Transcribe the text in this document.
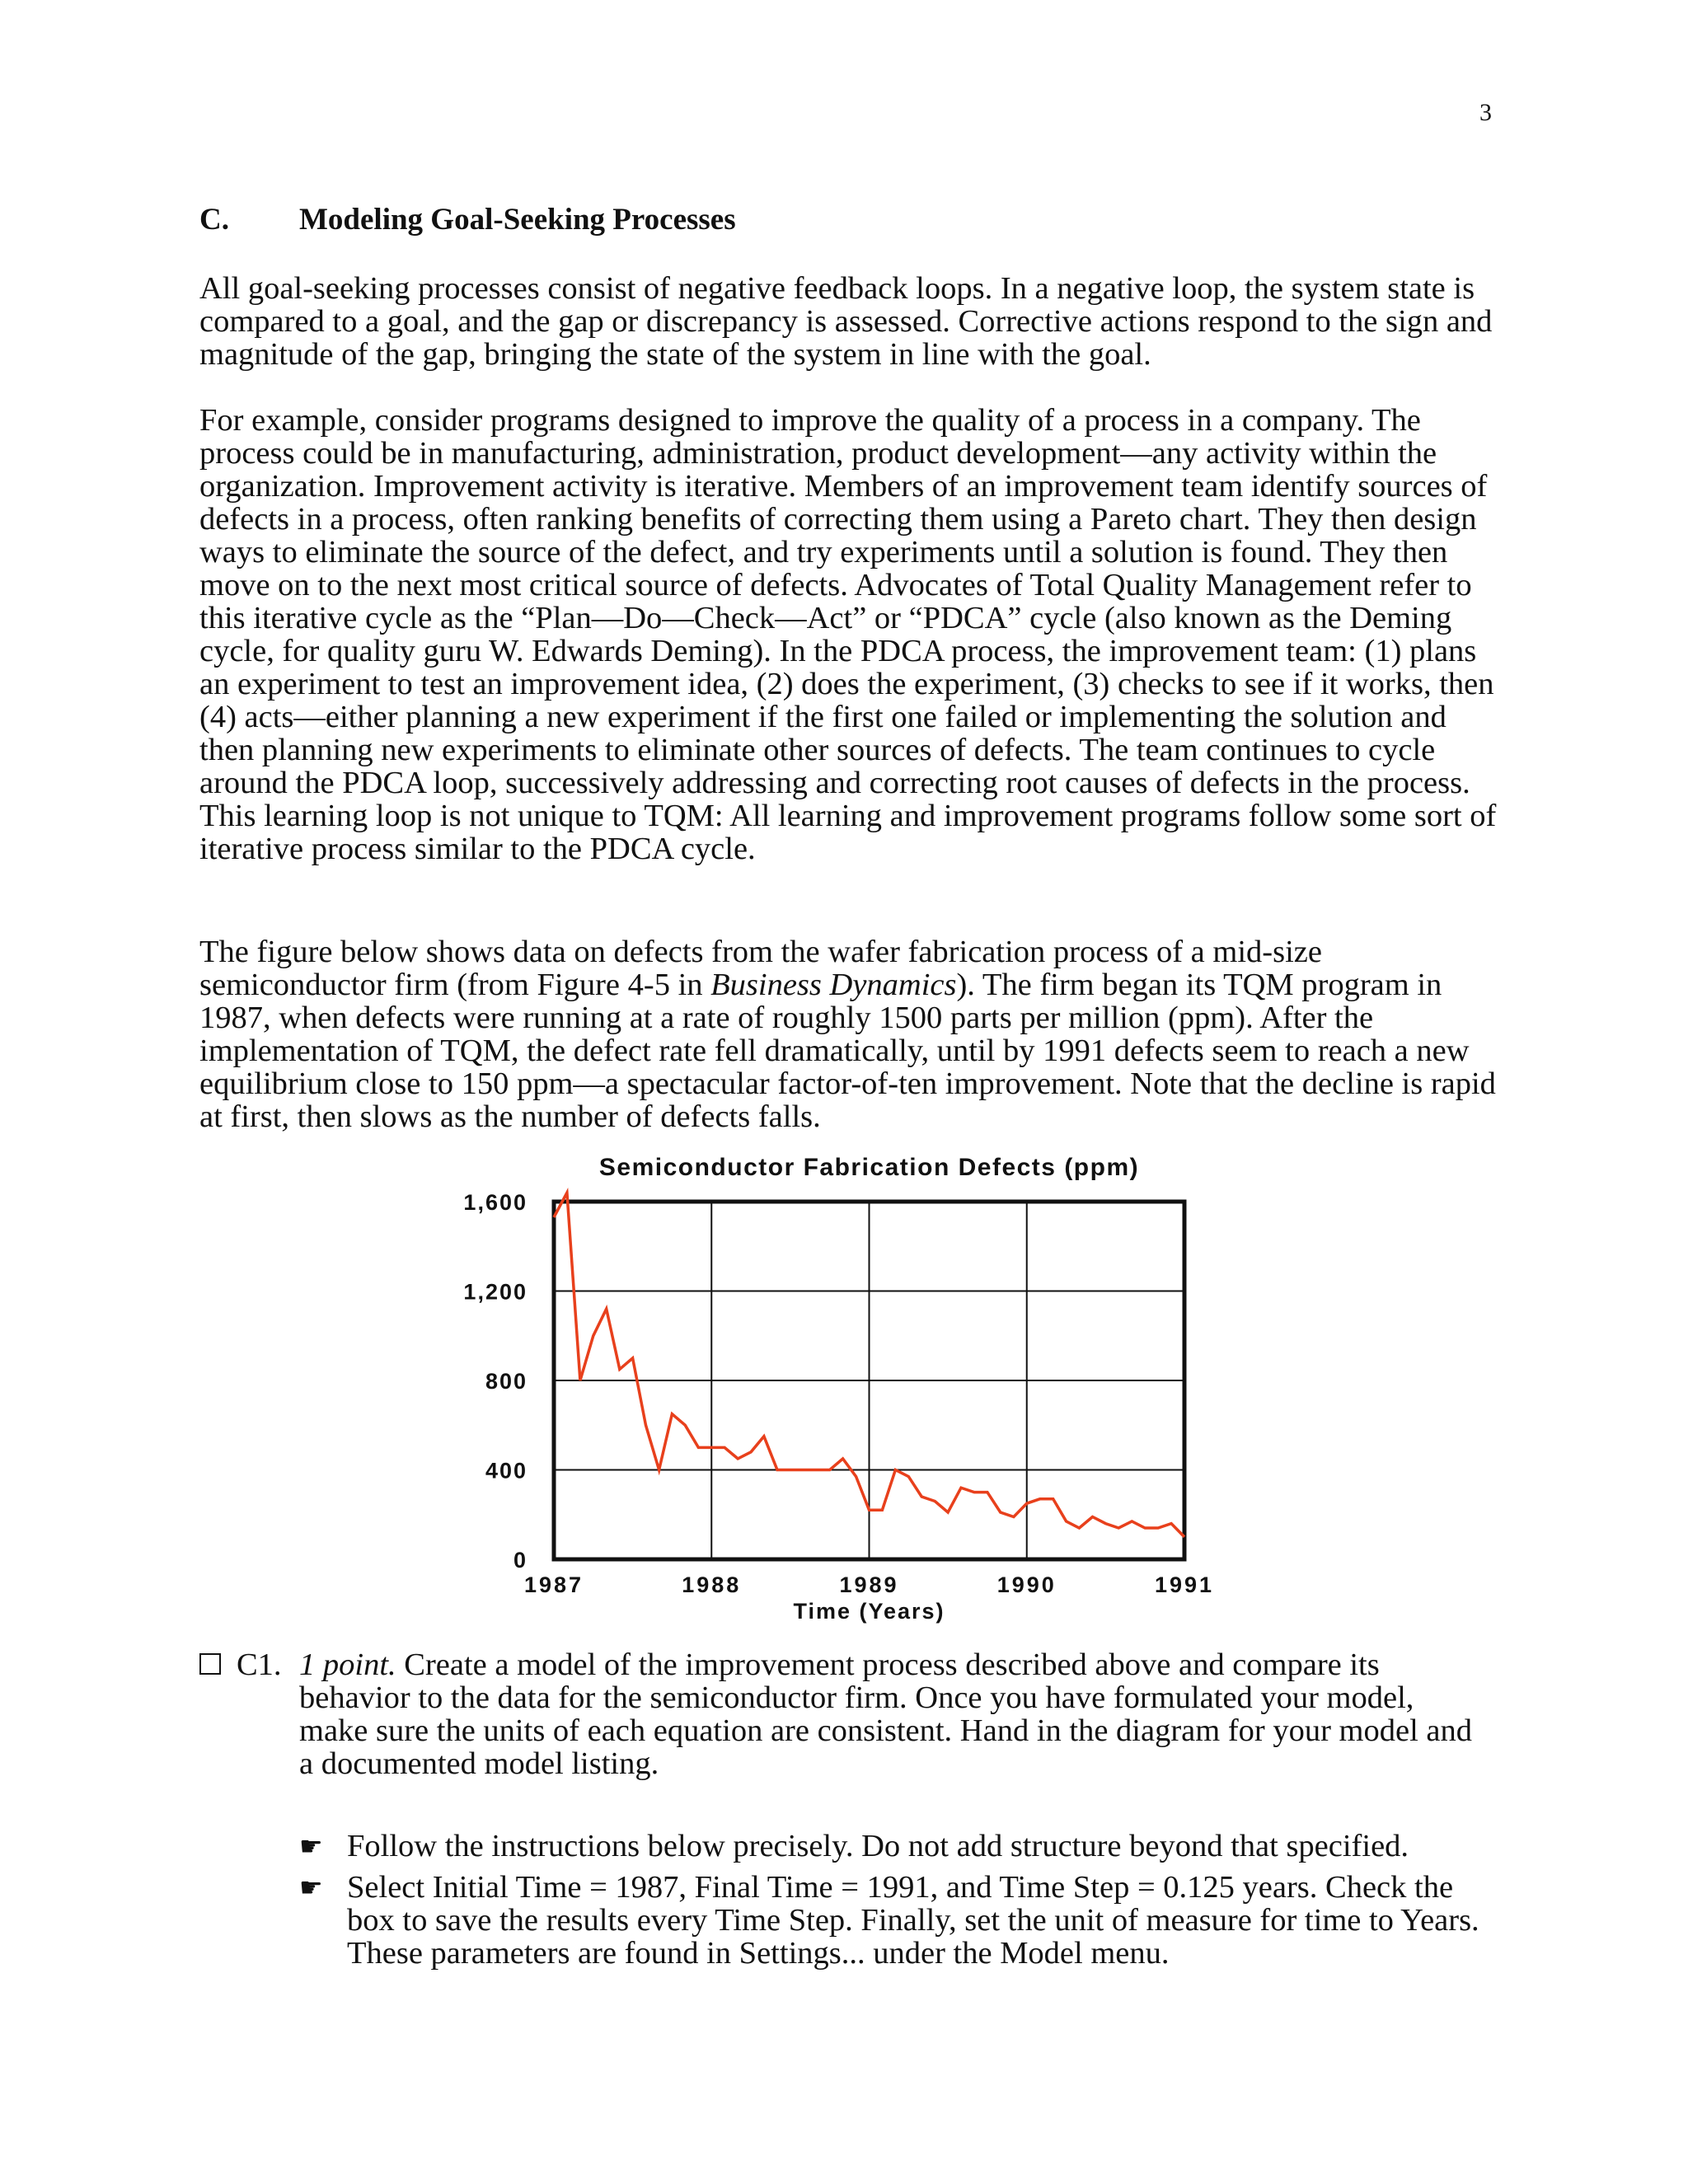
3
C. Modeling Goal-Seeking Processes

All goal-seeking processes consist of negative feedback loops. In a negative loop, the system state is compared to a goal, and the gap or discrepancy is assessed. Corrective actions respond to the sign and magnitude of the gap, bringing the state of the system in line with the goal.

For example, consider programs designed to improve the quality of a process in a company. The process could be in manufacturing, administration, product development—any activity within the organization. Improvement activity is iterative. Members of an improvement team identify sources of defects in a process, often ranking benefits of correcting them using a Pareto chart. They then design ways to eliminate the source of the defect, and try experiments until a solution is found. They then move on to the next most critical source of defects. Advocates of Total Quality Management refer to this iterative cycle as the “Plan—Do—Check—Act” or “PDCA” cycle (also known as the Deming cycle, for quality guru W. Edwards Deming). In the PDCA process, the improvement team: (1) plans an experiment to test an improvement idea, (2) does the experiment, (3) checks to see if it works, then (4) acts—either planning a new experiment if the first one failed or implementing the solution and then planning new experiments to eliminate other sources of defects. The team continues to cycle around the PDCA loop, successively addressing and correcting root causes of defects in the process. This learning loop is not unique to TQM: All learning and improvement programs follow some sort of iterative process similar to the PDCA cycle.

The figure below shows data on defects from the wafer fabrication process of a mid-size semiconductor firm (from Figure 4-5 in Business Dynamics). The firm began its TQM program in 1987, when defects were running at a rate of roughly 1500 parts per million (ppm). After the implementation of TQM, the defect rate fell dramatically, until by 1991 defects seem to reach a new equilibrium close to 150 ppm—a spectacular factor-of-ten improvement. Note that the decline is rapid at first, then slows as the number of defects falls.

Semiconductor Fabrication Defects (ppm)
1,600
1,200
800
400
0
1987	1988	1989	1990	1991
Time (Years)
C1. 1 point. Create a model of the improvement process described above and compare its behavior to the data for the semiconductor firm. Once you have formulated your model, make sure the units of each equation are consistent. Hand in the diagram for your model and a documented model listing.
☛ Follow the instructions below precisely. Do not add structure beyond that specified.
☛ Select Initial Time = 1987, Final Time = 1991, and Time Step = 0.125 years. Check the box to save the results every Time Step. Finally, set the unit of measure for time to Years. These parameters are found in Settings... under the Model menu.
